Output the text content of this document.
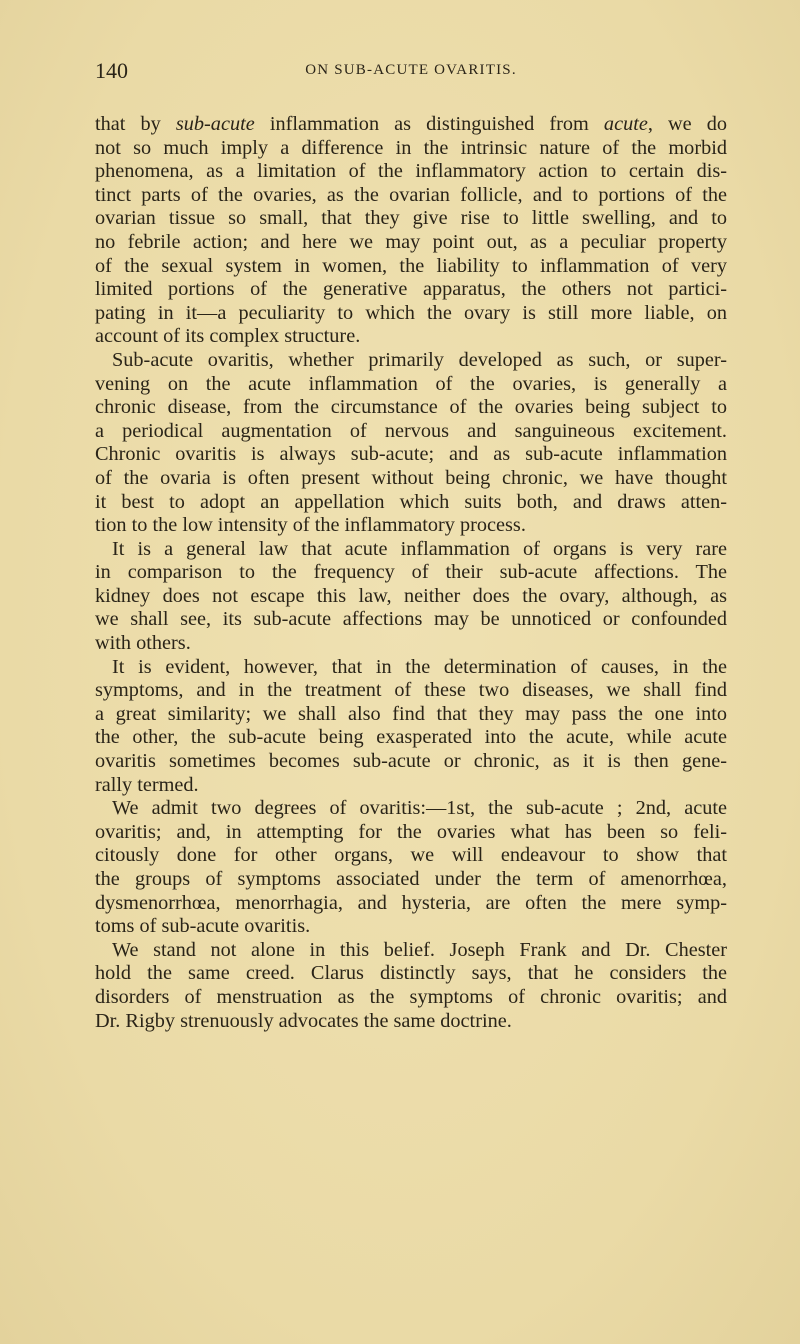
140	ON SUB-ACUTE OVARITIS.
that by sub-acute inflammation as distinguished from acute, we do
not so much imply a difference in the intrinsic nature of the morbid
phenomena, as a limitation of the inflammatory action to certain dis-
tinct parts of the ovaries, as the ovarian follicle, and to portions of the
ovarian tissue so small, that they give rise to little swelling, and to
no febrile action; and here we may point out, as a peculiar property
of the sexual system in women, the liability to inflammation of very
limited portions of the generative apparatus, the others not partici-
pating in it—a peculiarity to which the ovary is still more liable, on
account of its complex structure.
Sub-acute ovaritis, whether primarily developed as such, or super-
vening on the acute inflammation of the ovaries, is generally a
chronic disease, from the circumstance of the ovaries being subject to
a periodical augmentation of nervous and sanguineous excitement.
Chronic ovaritis is always sub-acute; and as sub-acute inflammation
of the ovaria is often present without being chronic, we have thought
it best to adopt an appellation which suits both, and draws atten-
tion to the low intensity of the inflammatory process.
It is a general law that acute inflammation of organs is very rare
in comparison to the frequency of their sub-acute affections. The
kidney does not escape this law, neither does the ovary, although, as
we shall see, its sub-acute affections may be unnoticed or confounded
with others.
It is evident, however, that in the determination of causes, in the
symptoms, and in the treatment of these two diseases, we shall find
a great similarity; we shall also find that they may pass the one into
the other, the sub-acute being exasperated into the acute, while acute
ovaritis sometimes becomes sub-acute or chronic, as it is then gene-
rally termed.
We admit two degrees of ovaritis:—1st, the sub-acute ; 2nd, acute
ovaritis; and, in attempting for the ovaries what has been so feli-
citously done for other organs, we will endeavour to show that
the groups of symptoms associated under the term of amenorrhœa,
dysmenorrhœa, menorrhagia, and hysteria, are often the mere symp-
toms of sub-acute ovaritis.
We stand not alone in this belief. Joseph Frank and Dr. Chester
hold the same creed. Clarus distinctly says, that he considers the
disorders of menstruation as the symptoms of chronic ovaritis; and
Dr. Rigby strenuously advocates the same doctrine.
